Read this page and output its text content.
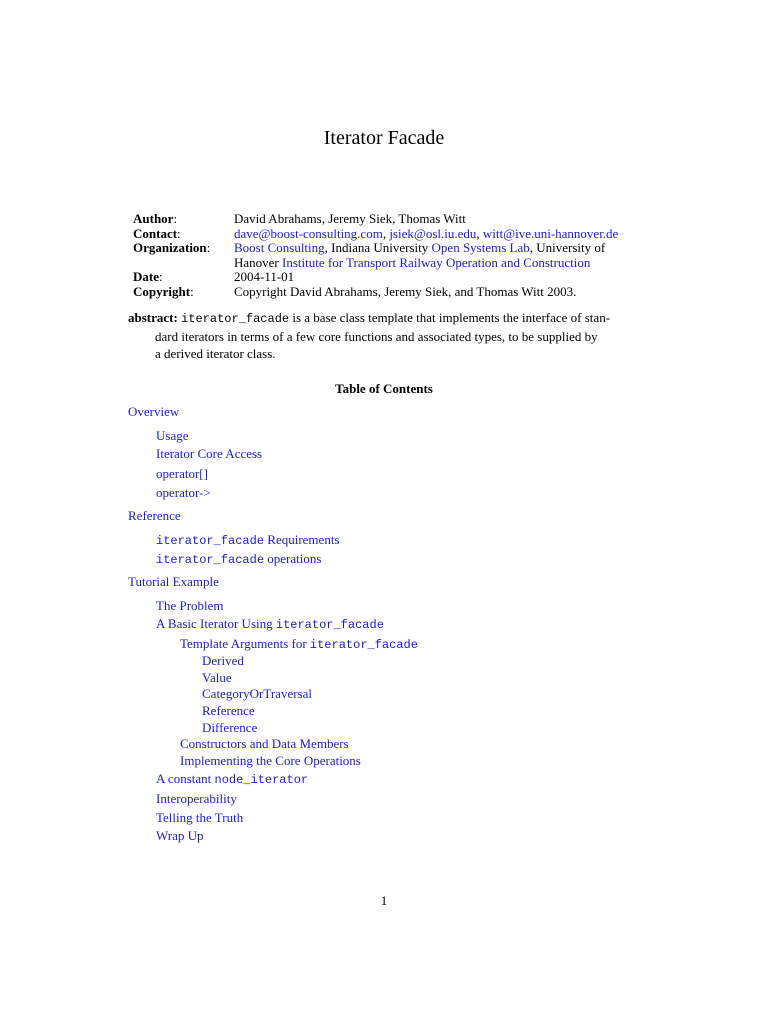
Iterator Facade
Author:	David Abrahams, Jeremy Siek, Thomas Witt
Contact:	dave@boost-consulting.com, jsiek@osl.iu.edu, witt@ive.uni-hannover.de
Organization:	Boost Consulting, Indiana University Open Systems Lab, University of
Hanover Institute for Transport Railway Operation and Construction
Date:	2004-11-01
Copyright:	Copyright David Abrahams, Jeremy Siek, and Thomas Witt 2003.
abstract: iterator_facade is a base class template that implements the interface of stan-
dard iterators in terms of a few core functions and associated types, to be supplied by
a derived iterator class.
Table of Contents
Overview
Usage
Iterator Core Access
operator[]
operator->
Reference
iterator_facade Requirements
iterator_facade operations
Tutorial Example
The Problem
A Basic Iterator Using iterator_facade
Template Arguments for iterator_facade
Derived
Value
CategoryOrTraversal
Reference
Difference
Constructors and Data Members
Implementing the Core Operations
A constant node_iterator
Interoperability
Telling the Truth
Wrap Up
1
